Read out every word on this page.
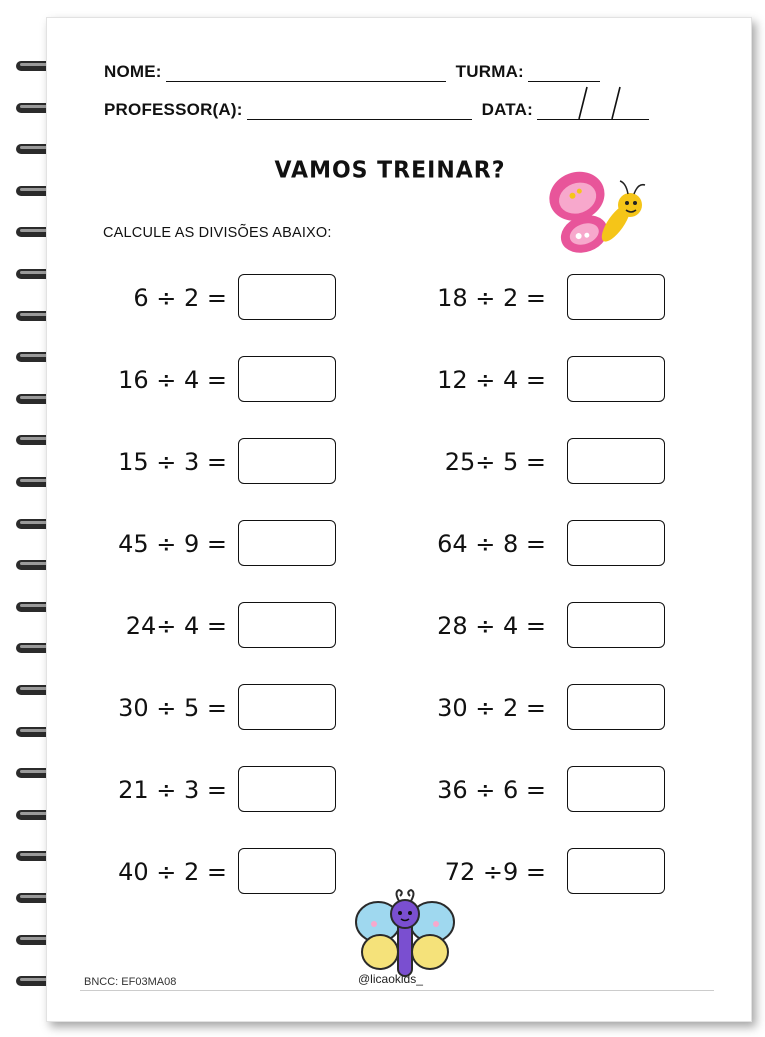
NOME:	TURMA:
PROFESSOR(A):	DATA:
VAMOS TREINAR?
CALCULE AS DIVISÕES ABAIXO:
6 ÷ 2 =
16 ÷ 4 =
15 ÷ 3 =
45 ÷ 9 =
24÷ 4 =
30 ÷ 5 =
21 ÷ 3 =
40 ÷ 2 =
18 ÷ 2 =
12 ÷ 4 =
25÷ 5 =
64 ÷ 8 =
28 ÷ 4 =
30 ÷ 2 =
36 ÷ 6 =
72 ÷9 =
BNCC: EF03MA08	@licaokids_
